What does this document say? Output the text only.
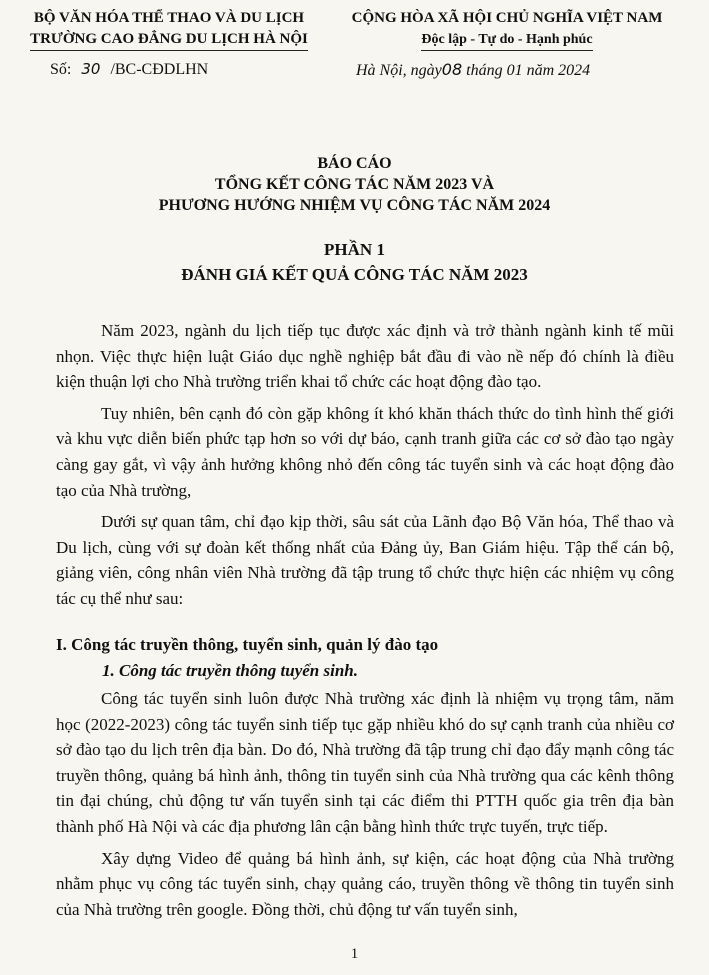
BỘ VĂN HÓA THỂ THAO VÀ DU LỊCH
TRƯỜNG CAO ĐẲNG DU LỊCH HÀ NỘI
CỘNG HÒA XÃ HỘI CHỦ NGHĨA VIỆT NAM
Độc lập - Tự do - Hạnh phúc
Số: 30 /BC-CĐDLHN	Hà Nội, ngày08 tháng 01 năm 2024
BÁO CÁO
TỔNG KẾT CÔNG TÁC NĂM 2023 VÀ
PHƯƠNG HƯỚNG NHIỆM VỤ CÔNG TÁC NĂM 2024
PHẦN 1
ĐÁNH GIÁ KẾT QUẢ CÔNG TÁC NĂM 2023

Năm 2023, ngành du lịch tiếp tục được xác định và trở thành ngành kinh tế mũi nhọn. Việc thực hiện luật Giáo dục nghề nghiệp bắt đầu đi vào nề nếp đó chính là điều kiện thuận lợi cho Nhà trường triển khai tổ chức các hoạt động đào tạo.

Tuy nhiên, bên cạnh đó còn gặp không ít khó khăn thách thức do tình hình thế giới và khu vực diễn biến phức tạp hơn so với dự báo, cạnh tranh giữa các cơ sở đào tạo ngày càng gay gắt, vì vậy ảnh hưởng không nhỏ đến công tác tuyển sinh và các hoạt động đào tạo của Nhà trường,

Dưới sự quan tâm, chỉ đạo kịp thời, sâu sát của Lãnh đạo Bộ Văn hóa, Thể thao và Du lịch, cùng với sự đoàn kết thống nhất của Đảng ủy, Ban Giám hiệu. Tập thể cán bộ, giảng viên, công nhân viên Nhà trường đã tập trung tổ chức thực hiện các nhiệm vụ công tác cụ thể như sau:

I. Công tác truyền thông, tuyển sinh, quản lý đào tạo
1. Công tác truyền thông tuyển sinh.

Công tác tuyển sinh luôn được Nhà trường xác định là nhiệm vụ trọng tâm, năm học (2022-2023) công tác tuyển sinh tiếp tục gặp nhiều khó do sự cạnh tranh của nhiều cơ sở đào tạo du lịch trên địa bàn. Do đó, Nhà trường đã tập trung chỉ đạo đẩy mạnh công tác truyền thông, quảng bá hình ảnh, thông tin tuyển sinh của Nhà trường qua các kênh thông tin đại chúng, chủ động tư vấn tuyển sinh tại các điểm thi PTTH quốc gia trên địa bàn thành phố Hà Nội và các địa phương lân cận bằng hình thức trực tuyến, trực tiếp.

Xây dựng Video để quảng bá hình ảnh, sự kiện, các hoạt động của Nhà trường nhằm phục vụ công tác tuyển sinh, chạy quảng cáo, truyền thông về thông tin tuyển sinh của Nhà trường trên google. Đồng thời, chủ động tư vấn tuyển sinh,

1
